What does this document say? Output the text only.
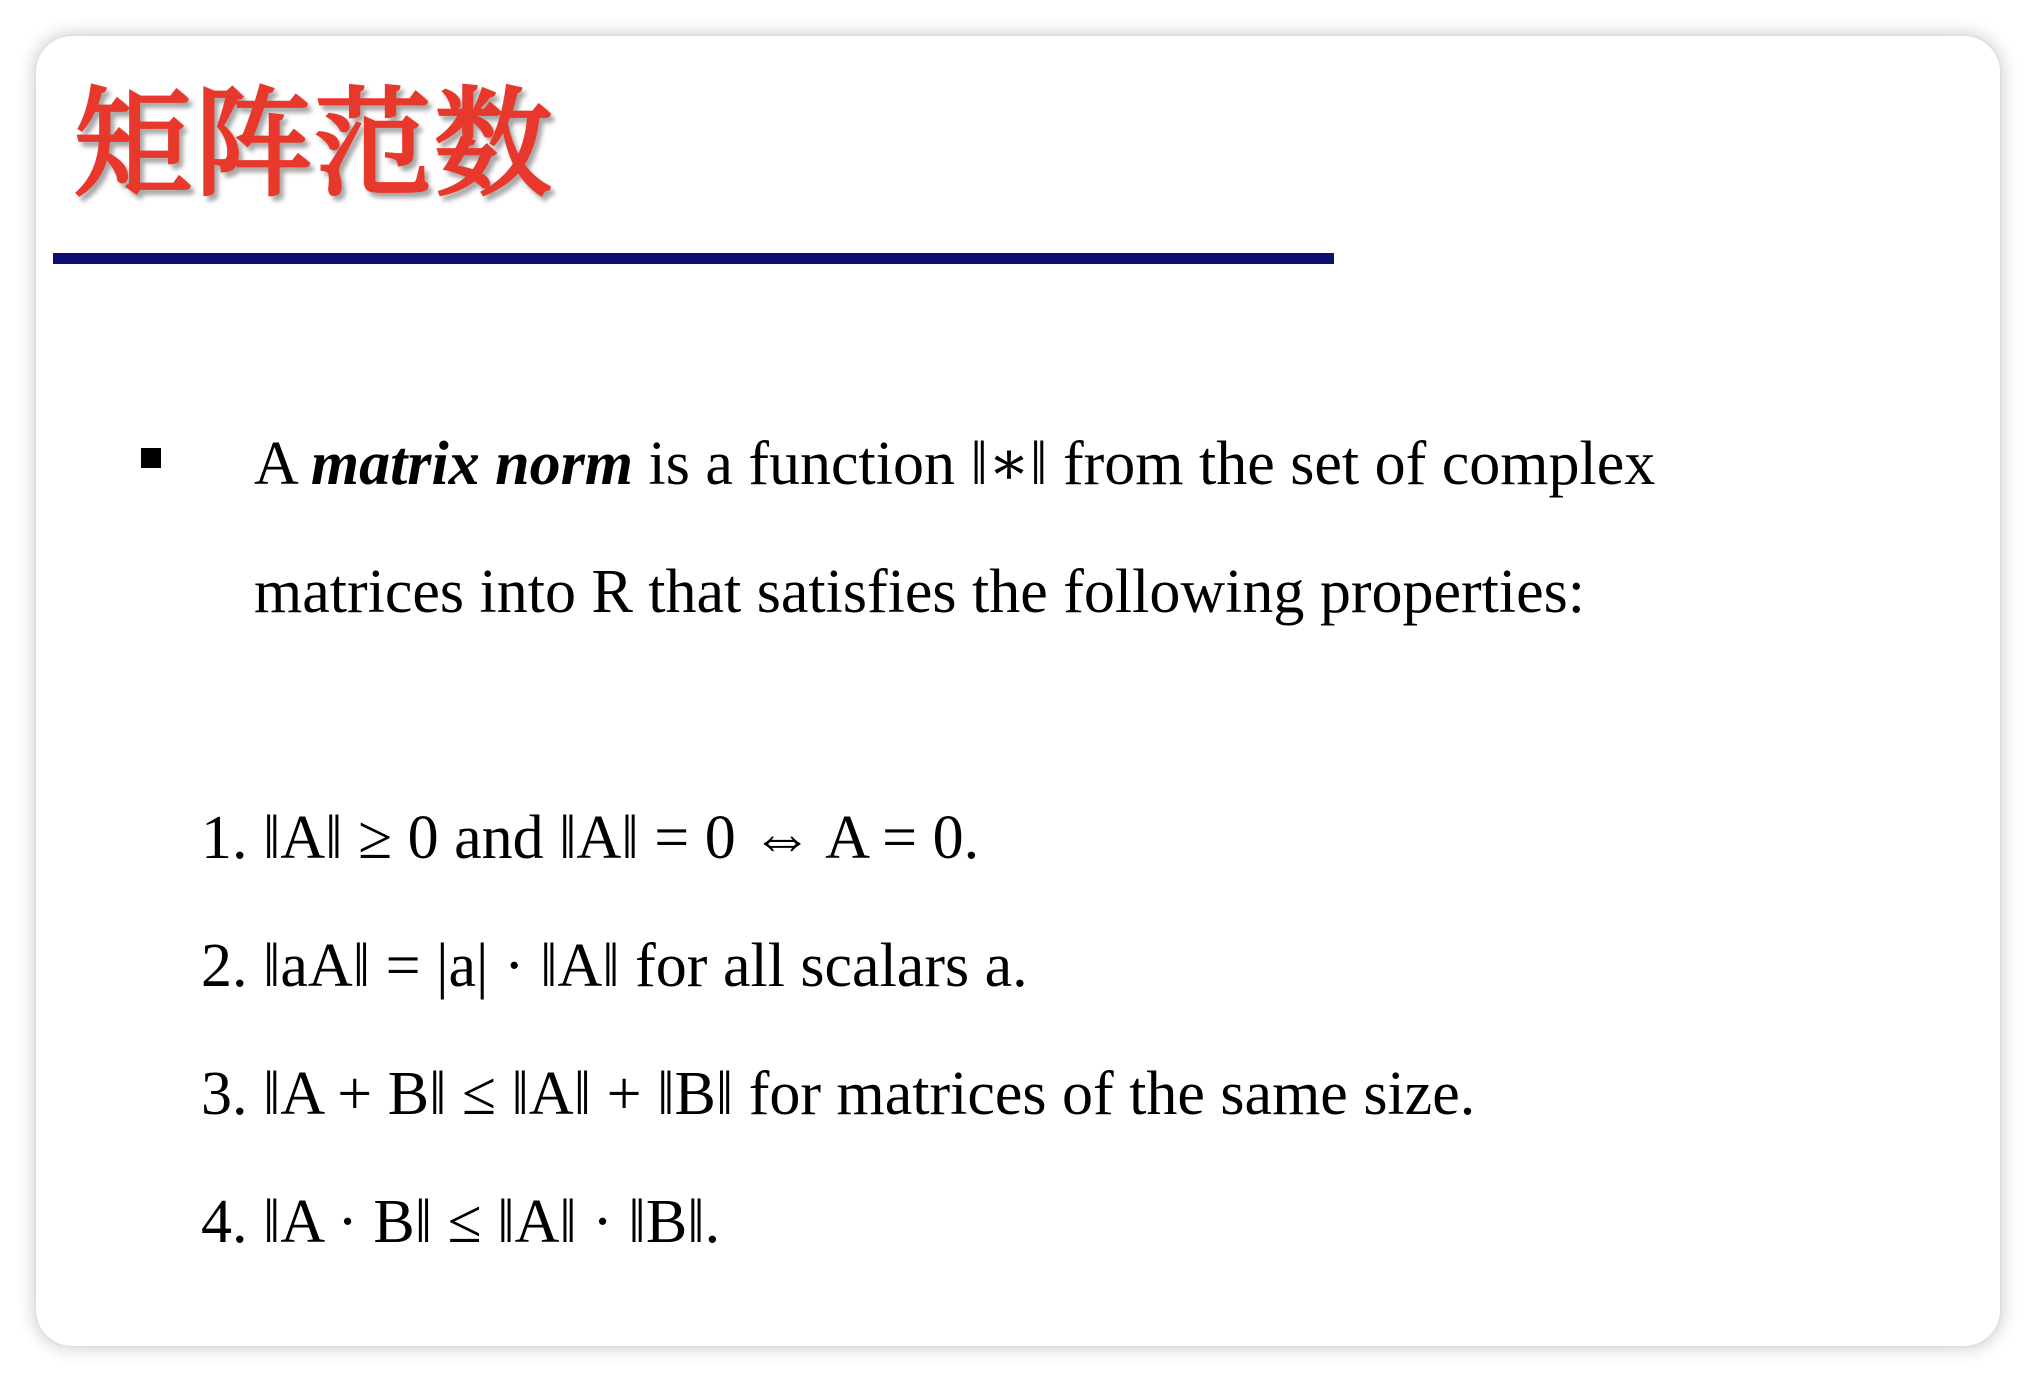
矩阵范数

A matrix norm is a function ‖∗‖ from the set of complex matrices into R that satisfies the following properties:

1. ‖A‖ ≥ 0 and ‖A‖ = 0 ⇔ A = 0.
2. ‖aA‖ = |a| · ‖A‖ for all scalars a.
3. ‖A + B‖ ≤ ‖A‖ + ‖B‖ for matrices of the same size.
4. ‖A · B‖ ≤ ‖A‖ · ‖B‖.
